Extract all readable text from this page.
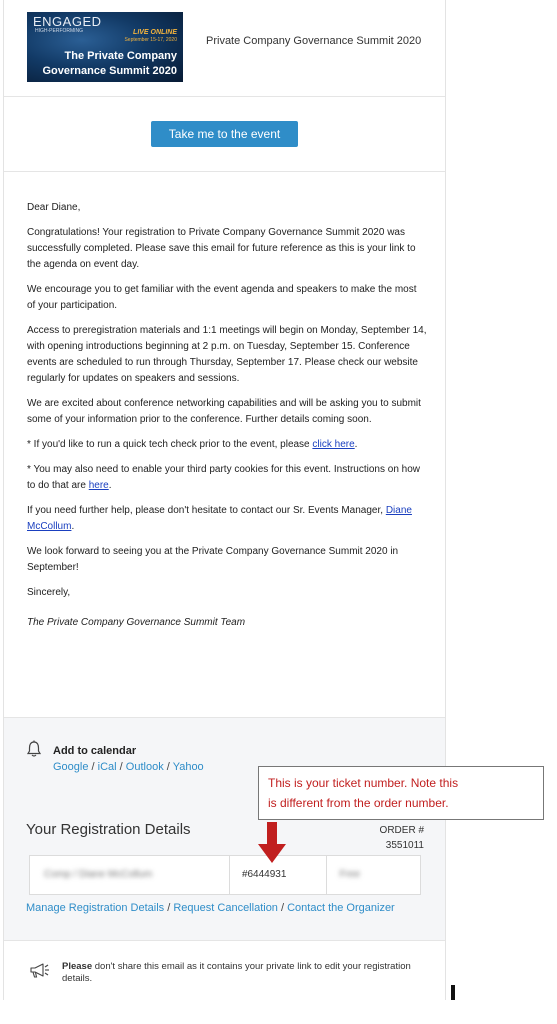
ENGAGED
HIGH-PERFORMING	LIVE ONLINE
September 15-17, 2020
The Private Company
Governance Summit 2020
Private Company Governance Summit 2020
Take me to the event

Dear Diane,

Congratulations! Your registration to Private Company Governance Summit 2020 was successfully completed. Please save this email for future reference as this is your link to the agenda on event day.

We encourage you to get familiar with the event agenda and speakers to make the most of your participation.

Access to preregistration materials and 1:1 meetings will begin on Monday, September 14, with opening introductions beginning at 2 p.m. on Tuesday, September 15. Conference events are scheduled to run through Thursday, September 17. Please check our website regularly for updates on speakers and sessions.

We are excited about conference networking capabilities and will be asking you to submit some of your information prior to the conference. Further details coming soon.

* If you'd like to run a quick tech check prior to the event, please click here.

* You may also need to enable your third party cookies for this event. Instructions on how to do that are here.

If you need further help, please don't hesitate to contact our Sr. Events Manager, Diane McCollum.

We look forward to seeing you at the Private Company Governance Summit 2020 in September!

Sincerely,

The Private Company Governance Summit Team

Add to calendar
Google / iCal / Outlook / Yahoo
Your Registration Details	ORDER #
3551011
Comp / Diane McCollum	#6444931	Free
Manage Registration Details / Request Cancellation / Contact the Organizer
Please don't share this email as it contains your private link to edit your registration details.
This is your ticket number. Note this
is different from the order number.
